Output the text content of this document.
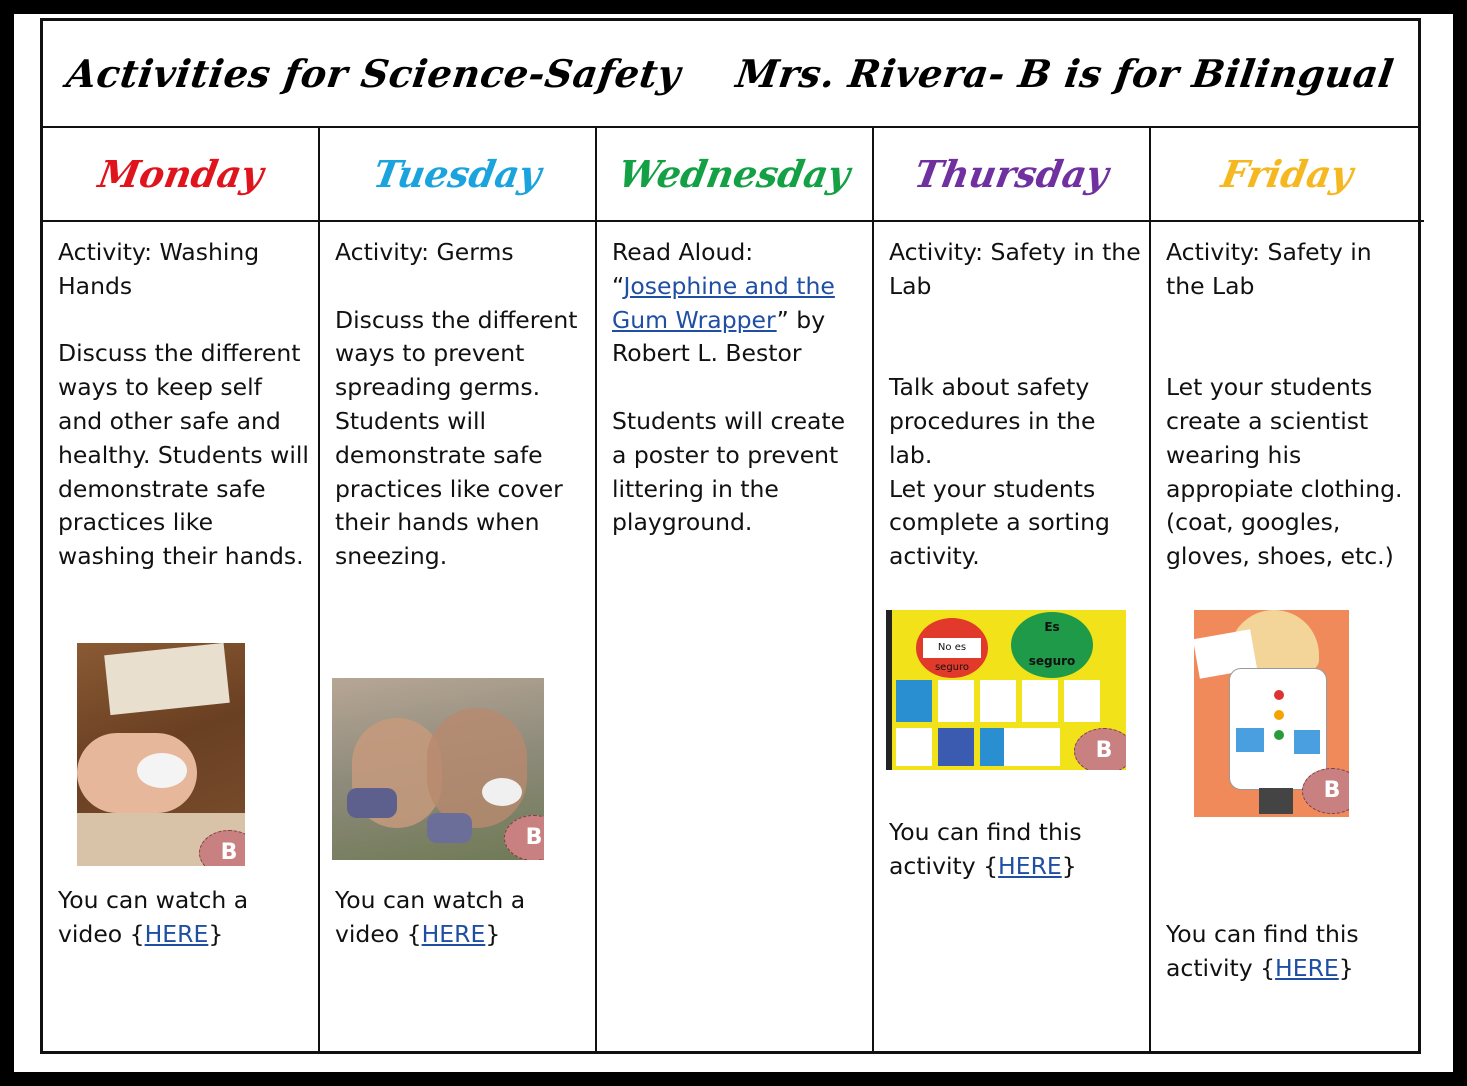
Activities for Science-Safety Mrs. Rivera- B is for Bilingual
Monday

Activity: Washing Hands

Discuss the different ways to keep self and other safe and healthy. Students will demonstrate safe practices like washing their hands.

B

You can watch a video {HERE}

Tuesday

Activity: Germs

Discuss the different ways to prevent spreading germs. Students will demonstrate safe practices like cover their hands when sneezing.

B

You can watch a video {HERE}

Wednesday

Read Aloud:

“Josephine and the Gum Wrapper” by Robert L. Bestor

Students will create a poster to prevent littering in the playground.

Thursday

Activity: Safety in the Lab

Talk about safety procedures in the lab.

Let your students complete a sorting activity.

No es seguro
Es seguro
B

You can find this activity {HERE}

Friday

Activity: Safety in the Lab

Let your students create a scientist wearing his appropiate clothing. (coat, googles, gloves, shoes, etc.)

B

You can find this activity {HERE}
